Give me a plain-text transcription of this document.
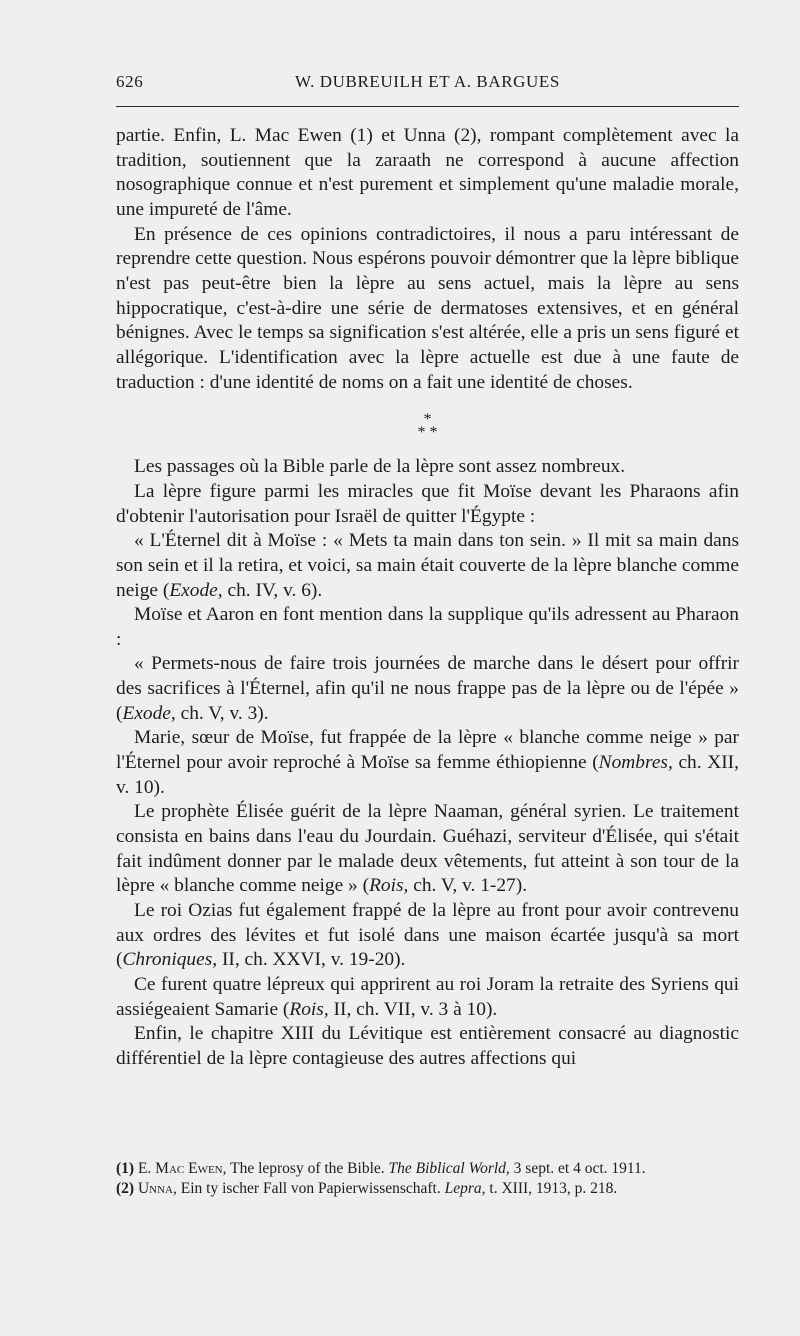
626	W. DUBREUILH ET A. BARGUES

partie. Enfin, L. Mac Ewen (1) et Unna (2), rompant complètement avec la tradition, soutiennent que la zaraath ne correspond à aucune affection nosographique connue et n'est purement et simplement qu'une maladie morale, une impureté de l'âme.

En présence de ces opinions contradictoires, il nous a paru intéressant de reprendre cette question. Nous espérons pouvoir démontrer que la lèpre biblique n'est pas peut-être bien la lèpre au sens actuel, mais la lèpre au sens hippocratique, c'est-à-dire une série de dermatoses extensives, et en général bénignes. Avec le temps sa signification s'est altérée, elle a pris un sens figuré et allégorique. L'identification avec la lèpre actuelle est due à une faute de traduction : d'une identité de noms on a fait une identité de choses.

*
* *

Les passages où la Bible parle de la lèpre sont assez nombreux.

La lèpre figure parmi les miracles que fit Moïse devant les Pharaons afin d'obtenir l'autorisation pour Israël de quitter l'Égypte :

« L'Éternel dit à Moïse : « Mets ta main dans ton sein. » Il mit sa main dans son sein et il la retira, et voici, sa main était couverte de la lèpre blanche comme neige (Exode, ch. IV, v. 6).

Moïse et Aaron en font mention dans la supplique qu'ils adressent au Pharaon :

« Permets-nous de faire trois journées de marche dans le désert pour offrir des sacrifices à l'Éternel, afin qu'il ne nous frappe pas de la lèpre ou de l'épée » (Exode, ch. V, v. 3).

Marie, sœur de Moïse, fut frappée de la lèpre « blanche comme neige » par l'Éternel pour avoir reproché à Moïse sa femme éthiopienne (Nombres, ch. XII, v. 10).

Le prophète Élisée guérit de la lèpre Naaman, général syrien. Le traitement consista en bains dans l'eau du Jourdain. Guéhazi, serviteur d'Élisée, qui s'était fait indûment donner par le malade deux vêtements, fut atteint à son tour de la lèpre « blanche comme neige » (Rois, ch. V, v. 1-27).

Le roi Ozias fut également frappé de la lèpre au front pour avoir contrevenu aux ordres des lévites et fut isolé dans une maison écartée jusqu'à sa mort (Chroniques, II, ch. XXVI, v. 19-20).

Ce furent quatre lépreux qui apprirent au roi Joram la retraite des Syriens qui assiégeaient Samarie (Rois, II, ch. VII, v. 3 à 10).

Enfin, le chapitre XIII du Lévitique est entièrement consacré au diagnostic différentiel de la lèpre contagieuse des autres affections qui

(1) E. Mac Ewen, The leprosy of the Bible. The Biblical World, 3 sept. et 4 oct. 1911.

(2) Unna, Ein ty ischer Fall von Papierwissenschaft. Lepra, t. XIII, 1913, p. 218.
